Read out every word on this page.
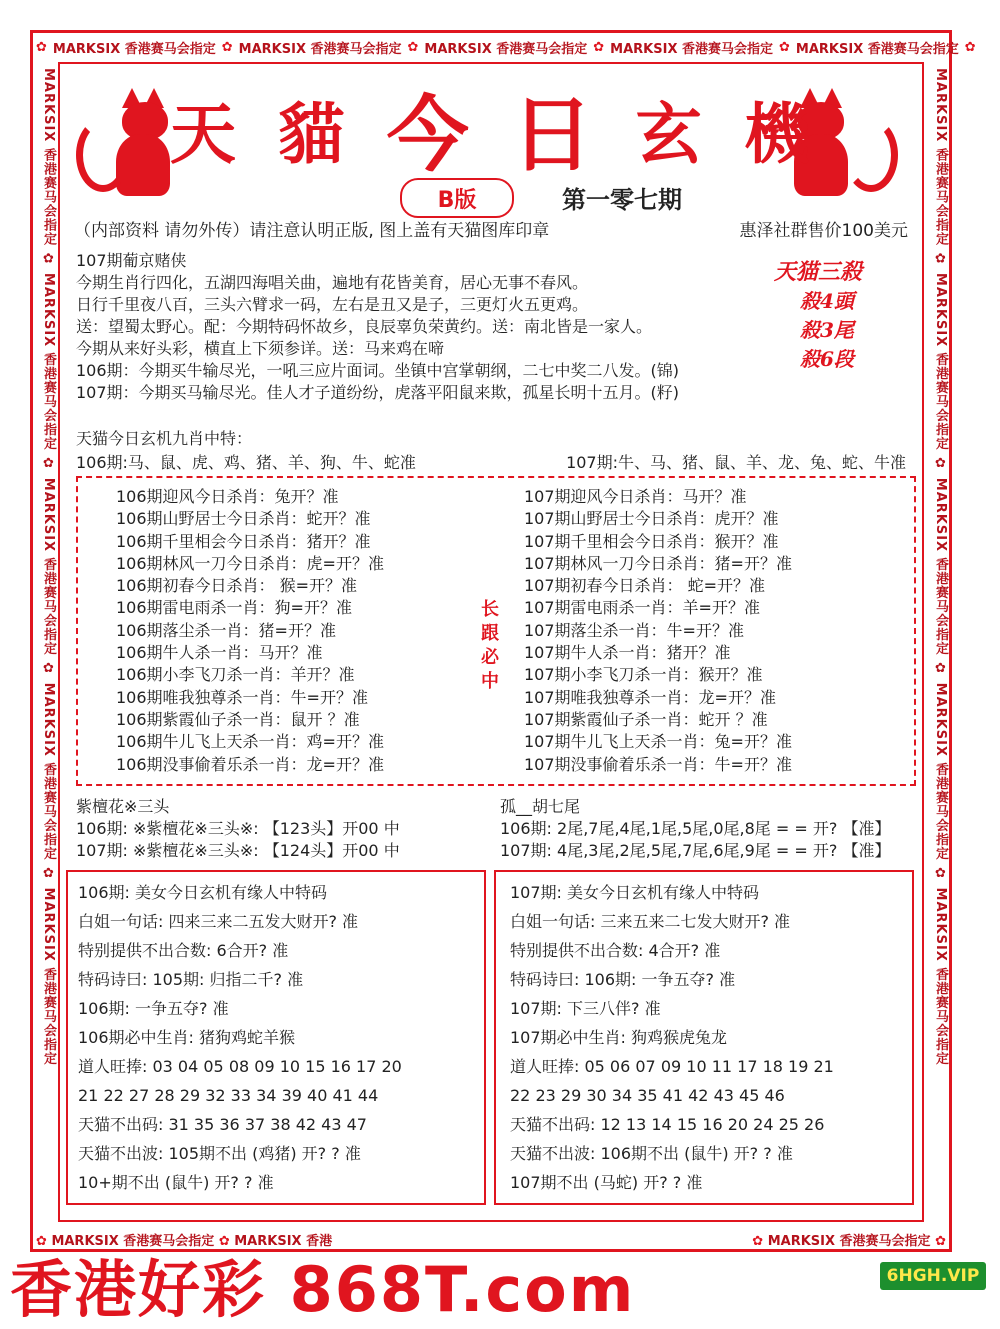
✿ MARKSIX 香港赛马会指定 ✿ MARKSIX 香港赛马会指定 ✿ MARKSIX 香港赛马会指定 ✿ MARKSIX 香港赛马会指定 ✿ MARKSIX 香港赛马会指定 ✿
MARKSIX 香港赛马会指定 ✿ MARKSIX 香港赛马会指定 ✿ MARKSIX 香港赛马会指定 ✿ MARKSIX 香港赛马会指定 ✿ MARKSIX 香港赛马会指定	MARKSIX 香港赛马会指定 ✿ MARKSIX 香港赛马会指定 ✿ MARKSIX 香港赛马会指定 ✿ MARKSIX 香港赛马会指定 ✿ MARKSIX 香港赛马会指定
✿ MARKSIX 香港赛马会指定 ✿ MARKSIX 香港	✿ MARKSIX 香港赛马会指定 ✿
天 貓 今 日 玄 機
B版	第一零七期
（内部资料 请勿外传）请注意认明正版, 图上盖有天猫图库印章	惠泽社群售价100美元
107期葡京赌侠
今期生肖行四化，五湖四海唱关曲，遍地有花皆美育，居心无事不春风。
日行千里夜八百，三头六臂求一码，左右是丑又是子，三更灯火五更鸡。
送：望蜀太野心。配：今期特码怀故乡，良辰辜负荣黄约。送：南北皆是一家人。
今期从来好头彩，横直上下须参详。送：马来鸡在啼
106期：今期买牛输尽光，一吼三应片面词。坐镇中宫掌朝纲，二七中奖二八发。(锦)
107期：今期买马输尽光。佳人才子道纷纷，虎落平阳鼠来欺，孤星长明十五月。(籽)
天猫三殺
殺4頭
殺3尾
殺6段
天猫今日玄机九肖中特：
106期:马、鼠、虎、鸡、猪、羊、狗、牛、蛇准	107期:牛、马、猪、鼠、羊、龙、兔、蛇、牛准
106期迎风今日杀肖：兔开？准
106期山野居士今日杀肖：蛇开？准
106期千里相会今日杀肖：猪开？准
106期林风一刀今日杀肖：虎=开？准
106期初春今日杀肖： 猴=开？准
106期雷电雨杀一肖：狗=开？准
106期落尘杀一肖：猪=开？准
106期牛人杀一肖：马开？准
106期小李飞刀杀一肖：羊开？准
106期唯我独尊杀一肖：牛=开？准
106期紫霞仙子杀一肖：鼠开 ？准
106期牛儿飞上天杀一肖：鸡=开？准
106期没事偷着乐杀一肖：龙=开？准
长
跟
必
中
107期迎风今日杀肖：马开？准
107期山野居士今日杀肖：虎开？准
107期千里相会今日杀肖：猴开？准
107期林风一刀今日杀肖：猪=开？准
107期初春今日杀肖： 蛇=开？准
107期雷电雨杀一肖：羊=开？准
107期落尘杀一肖：牛=开？准
107期牛人杀一肖：猪开？准
107期小李飞刀杀一肖：猴开？准
107期唯我独尊杀一肖：龙=开？准
107期紫霞仙子杀一肖：蛇开 ？准
107期牛儿飞上天杀一肖：兔=开？准
107期没事偷着乐杀一肖：牛=开？准
紫檀花※三头
106期: ※紫檀花※三头※: 【123头】开00 中
107期: ※紫檀花※三头※: 【124头】开00 中
孤__胡七尾
106期: 2尾,7尾,4尾,1尾,5尾,0尾,8尾 = = 开? 【准】
107期: 4尾,3尾,2尾,5尾,7尾,6尾,9尾 = = 开? 【准】
106期: 美女今日玄机有缘人中特码
白姐一句话: 四来三来二五发大财开? 准
特别提供不出合数: 6合开? 准
特码诗曰: 105期: 归指二千? 准
106期: 一争五夺? 准
106期必中生肖: 猪狗鸡蛇羊猴
道人旺捧: 03 04 05 08 09 10 15 16 17 20
21 22 27 28 29 32 33 34 39 40 41 44
天猫不出码: 31 35 36 37 38 42 43 47
天猫不出波: 105期不出 (鸡猪) 开? ? 准
10+期不出 (鼠牛) 开? ? 准
107期: 美女今日玄机有缘人中特码
白姐一句话: 三来五来二七发大财开? 准
特别提供不出合数: 4合开? 准
特码诗曰: 106期: 一争五夺? 准
107期: 下三八伴? 准
107期必中生肖: 狗鸡猴虎兔龙
道人旺捧: 05 06 07 09 10 11 17 18 19 21
22 23 29 30 34 35 41 42 43 45 46
天猫不出码: 12 13 14 15 16 20 24 25 26
天猫不出波: 106期不出 (鼠牛) 开? ? 准
107期不出 (马蛇) 开? ? 准
香港好彩 868T.com	6HGH.VIP
